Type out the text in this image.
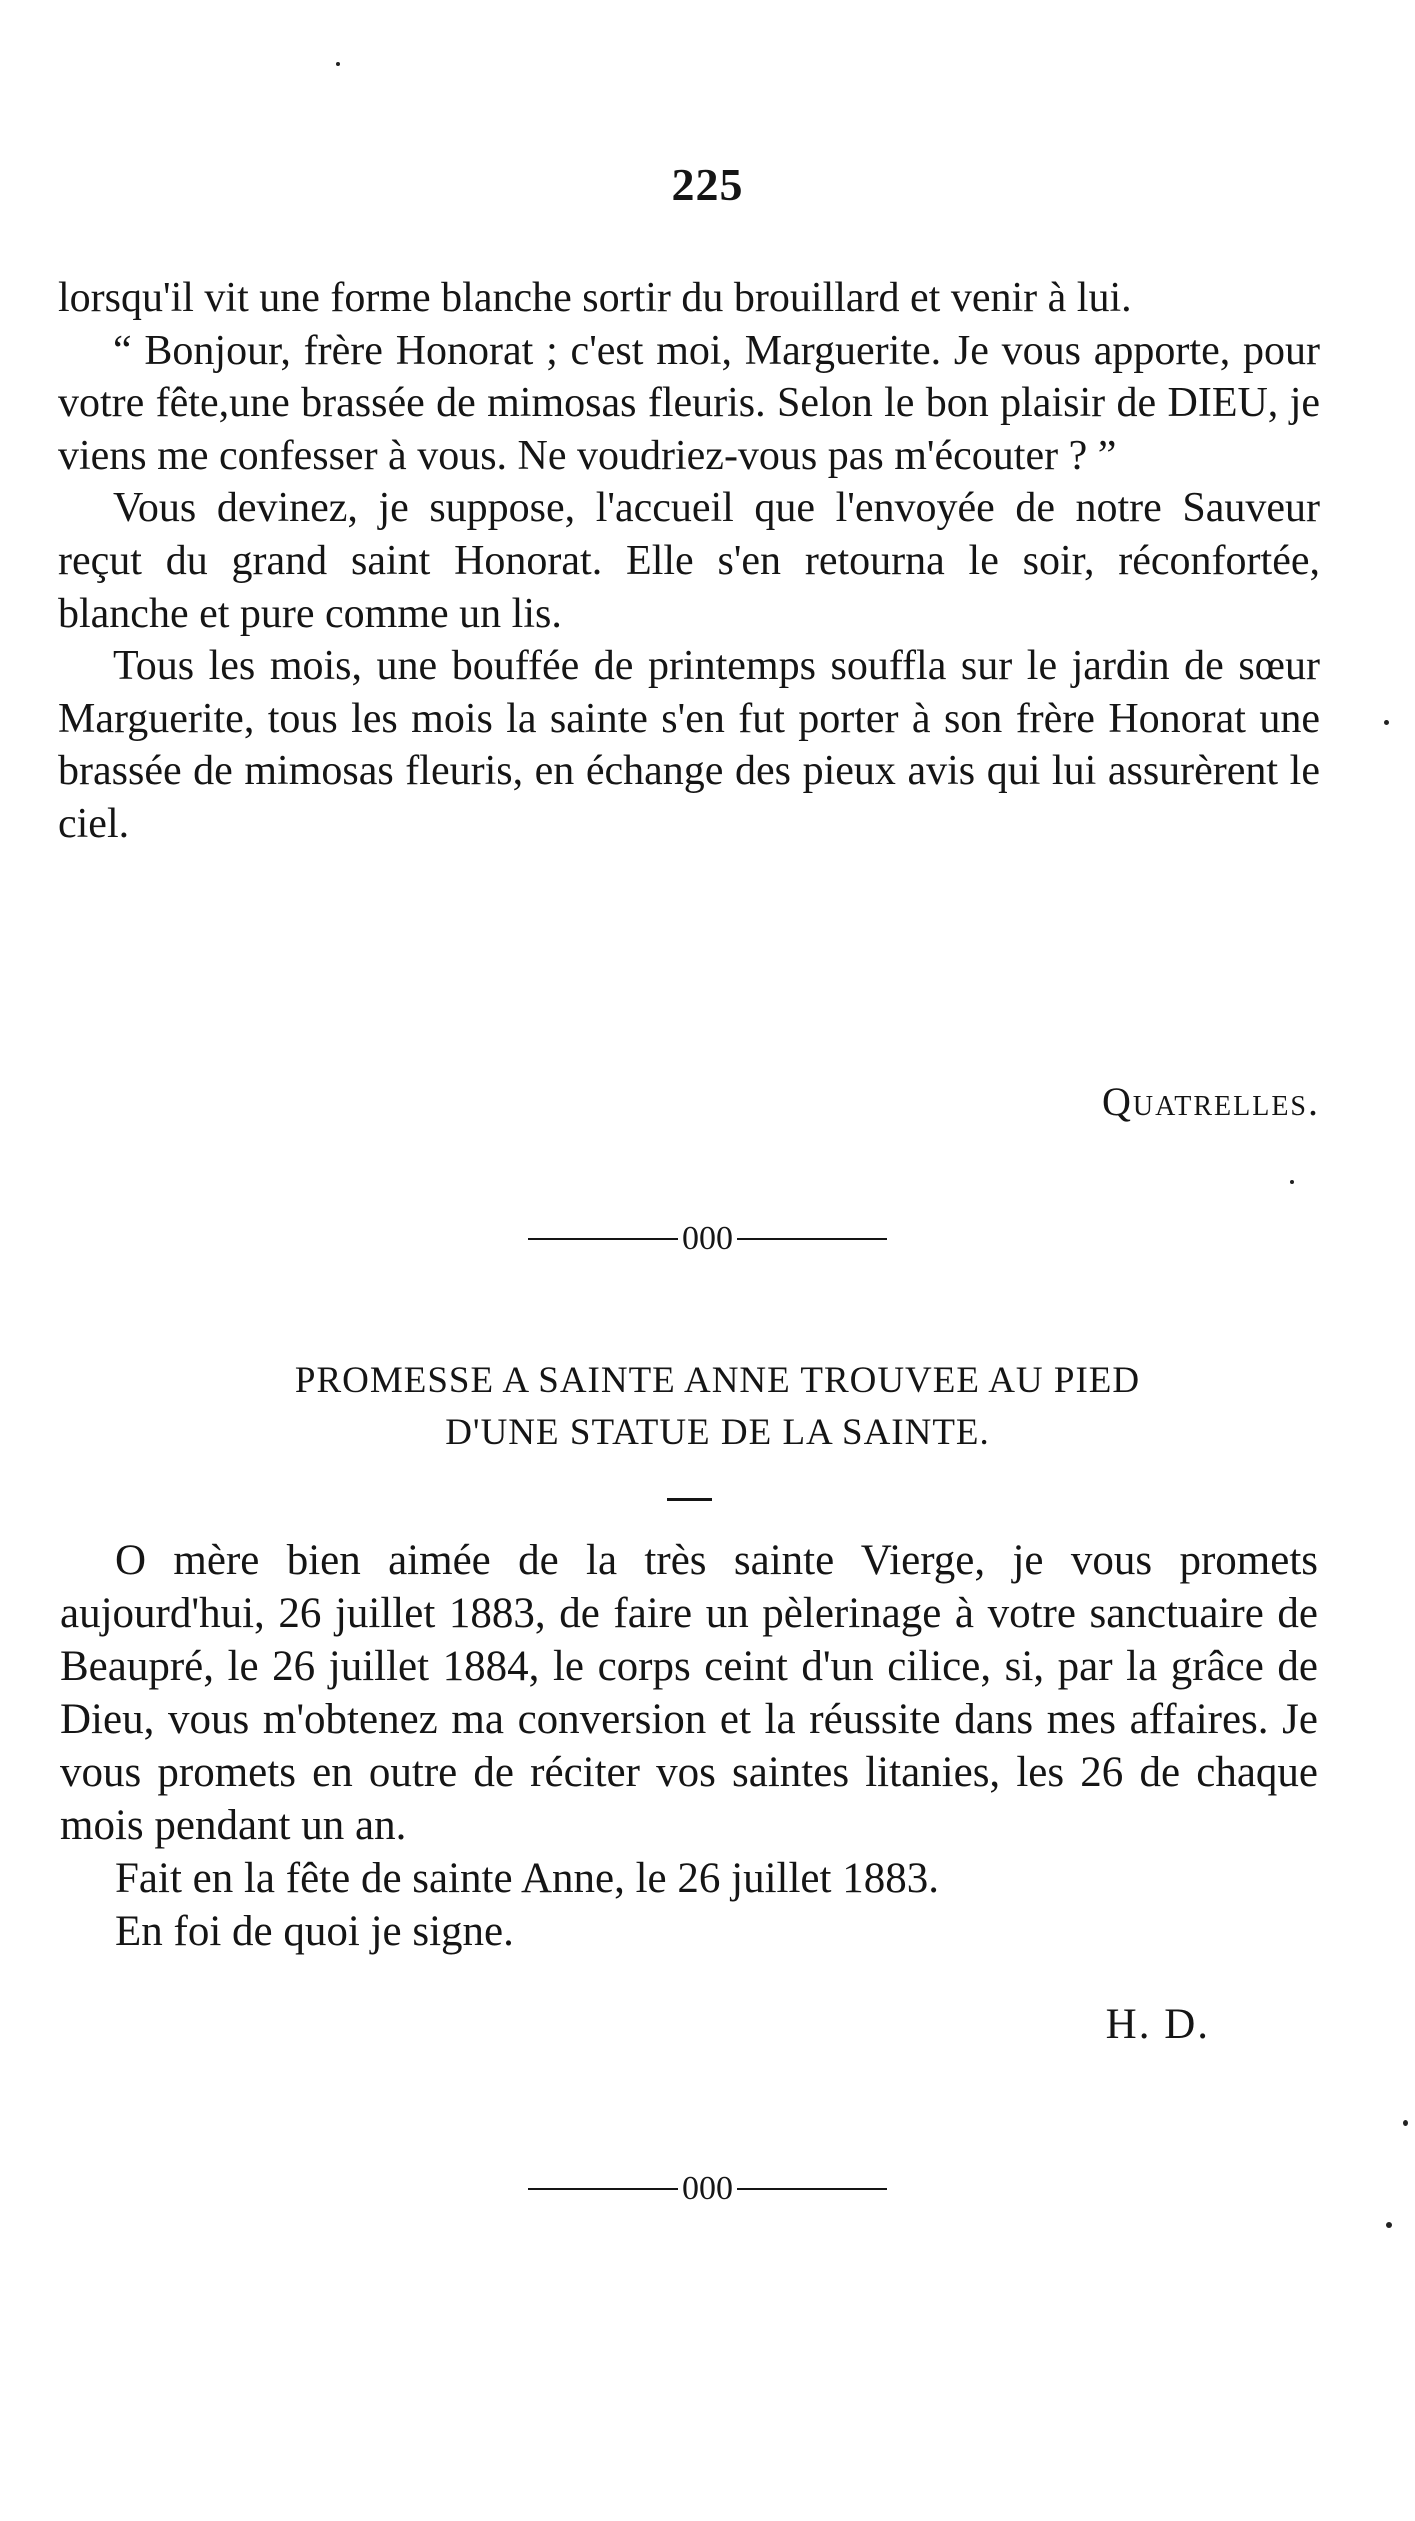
225

lorsqu'il vit une forme blanche sortir du brouillard et venir à lui.

“ Bonjour, frère Honorat ; c'est moi, Marguerite. Je vous apporte, pour votre fête,une brassée de mimosas fleuris. Selon le bon plaisir de DIEU, je viens me confesser à vous. Ne voudriez-vous pas m'écouter ? ”

Vous devinez, je suppose, l'accueil que l'envoyée de notre Sauveur reçut du grand saint Honorat. Elle s'en retourna le soir, réconfortée, blanche et pure comme un lis.

Tous les mois, une bouffée de printemps souffla sur le jardin de sœur Marguerite, tous les mois la sainte s'en fut porter à son frère Honorat une brassée de mimosas fleuris, en échange des pieux avis qui lui assurèrent le ciel.

Quatrelles.
000
PROMESSE A SAINTE ANNE TROUVEE AU PIED
D'UNE STATUE DE LA SAINTE.

O mère bien aimée de la très sainte Vierge, je vous promets aujourd'hui, 26 juillet 1883, de faire un pèlerinage à votre sanctuaire de Beaupré, le 26 juillet 1884, le corps ceint d'un cilice, si, par la grâce de Dieu, vous m'obtenez ma conversion et la réussite dans mes affaires. Je vous promets en outre de réciter vos saintes litanies, les 26 de chaque mois pendant un an.

Fait en la fête de sainte Anne, le 26 juillet 1883.

En foi de quoi je signe.

H. D.
000
